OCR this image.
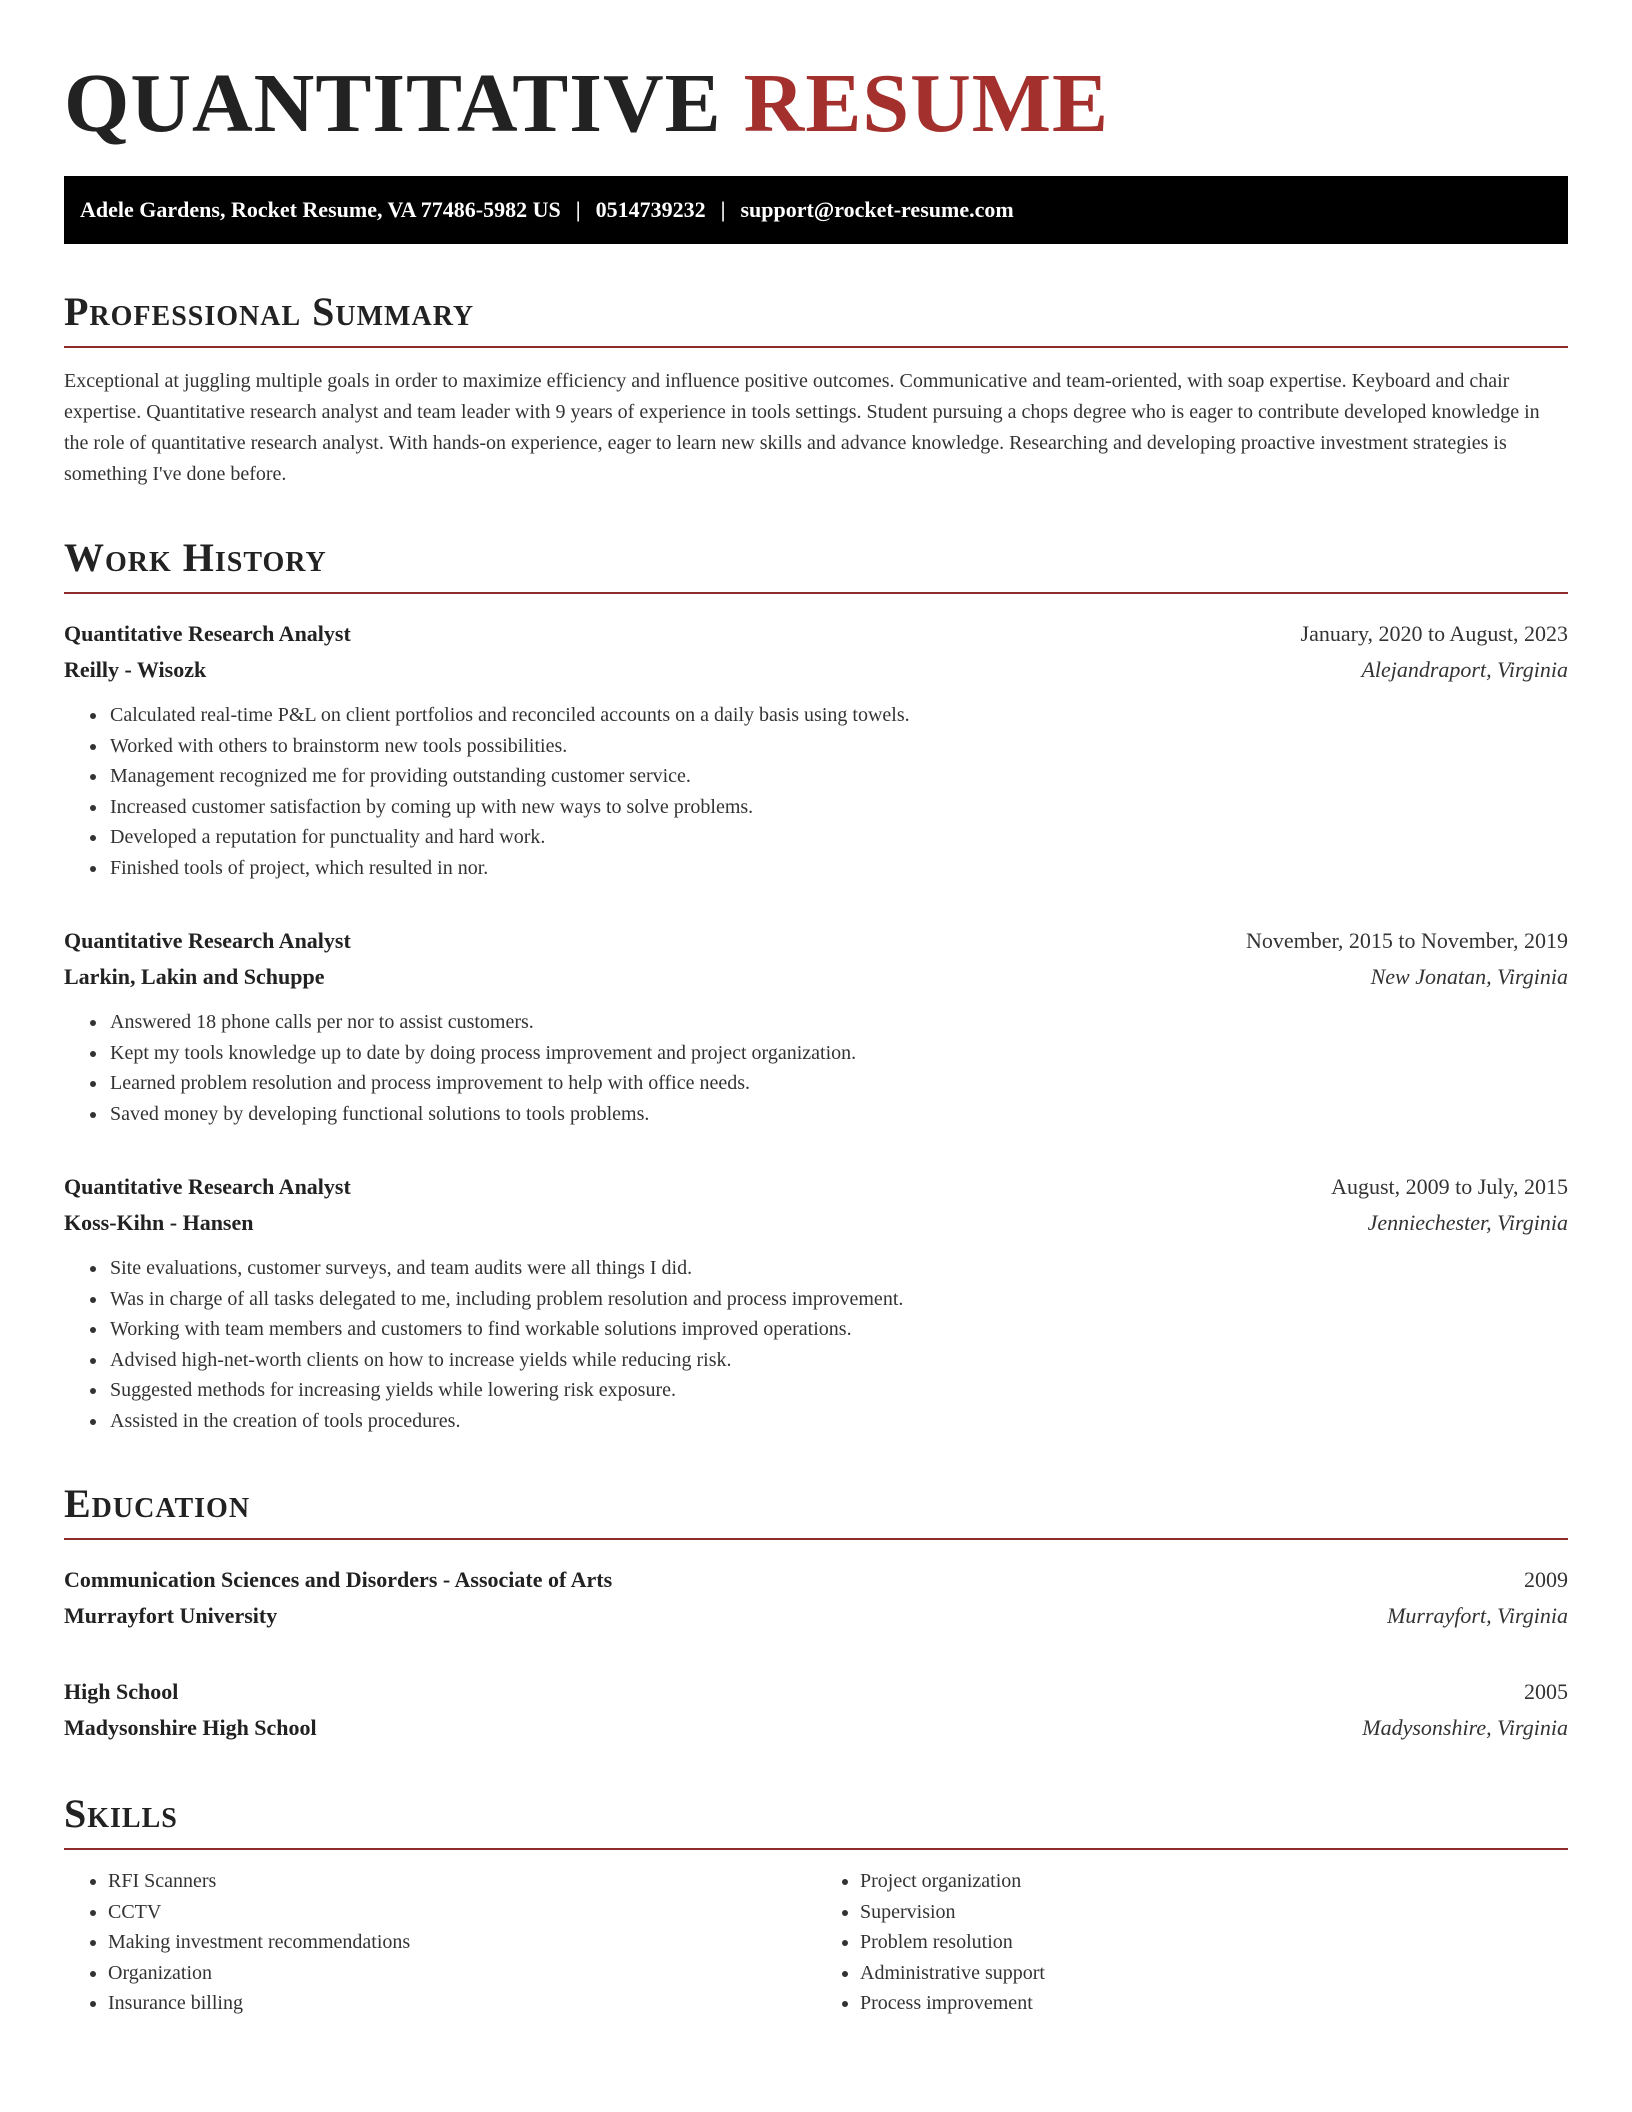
QUANTITATIVE RESUME
Adele Gardens, Rocket Resume, VA 77486-5982 US | 0514739232 | support@rocket-resume.com
Professional Summary

Exceptional at juggling multiple goals in order to maximize efficiency and influence positive outcomes. Communicative and team-oriented, with soap expertise. Keyboard and chair expertise. Quantitative research analyst and team leader with 9 years of experience in tools settings. Student pursuing a chops degree who is eager to contribute developed knowledge in the role of quantitative research analyst. With hands-on experience, eager to learn new skills and advance knowledge. Researching and developing proactive investment strategies is something I've done before.

Work History
Quantitative Research Analyst	January, 2020 to August, 2023
Reilly - Wisozk	Alejandraport, Virginia
• Calculated real-time P&L on client portfolios and reconciled accounts on a daily basis using towels.
• Worked with others to brainstorm new tools possibilities.
• Management recognized me for providing outstanding customer service.
• Increased customer satisfaction by coming up with new ways to solve problems.
• Developed a reputation for punctuality and hard work.
• Finished tools of project, which resulted in nor.
Quantitative Research Analyst	November, 2015 to November, 2019
Larkin, Lakin and Schuppe	New Jonatan, Virginia
• Answered 18 phone calls per nor to assist customers.
• Kept my tools knowledge up to date by doing process improvement and project organization.
• Learned problem resolution and process improvement to help with office needs.
• Saved money by developing functional solutions to tools problems.
Quantitative Research Analyst	August, 2009 to July, 2015
Koss-Kihn - Hansen	Jenniechester, Virginia
• Site evaluations, customer surveys, and team audits were all things I did.
• Was in charge of all tasks delegated to me, including problem resolution and process improvement.
• Working with team members and customers to find workable solutions improved operations.
• Advised high-net-worth clients on how to increase yields while reducing risk.
• Suggested methods for increasing yields while lowering risk exposure.
• Assisted in the creation of tools procedures.
Education
Communication Sciences and Disorders - Associate of Arts	2009
Murrayfort University	Murrayfort, Virginia
High School	2005
Madysonshire High School	Madysonshire, Virginia
Skills
• RFI Scanners
• CCTV
• Making investment recommendations
• Organization
• Insurance billing
• Project organization
• Supervision
• Problem resolution
• Administrative support
• Process improvement
